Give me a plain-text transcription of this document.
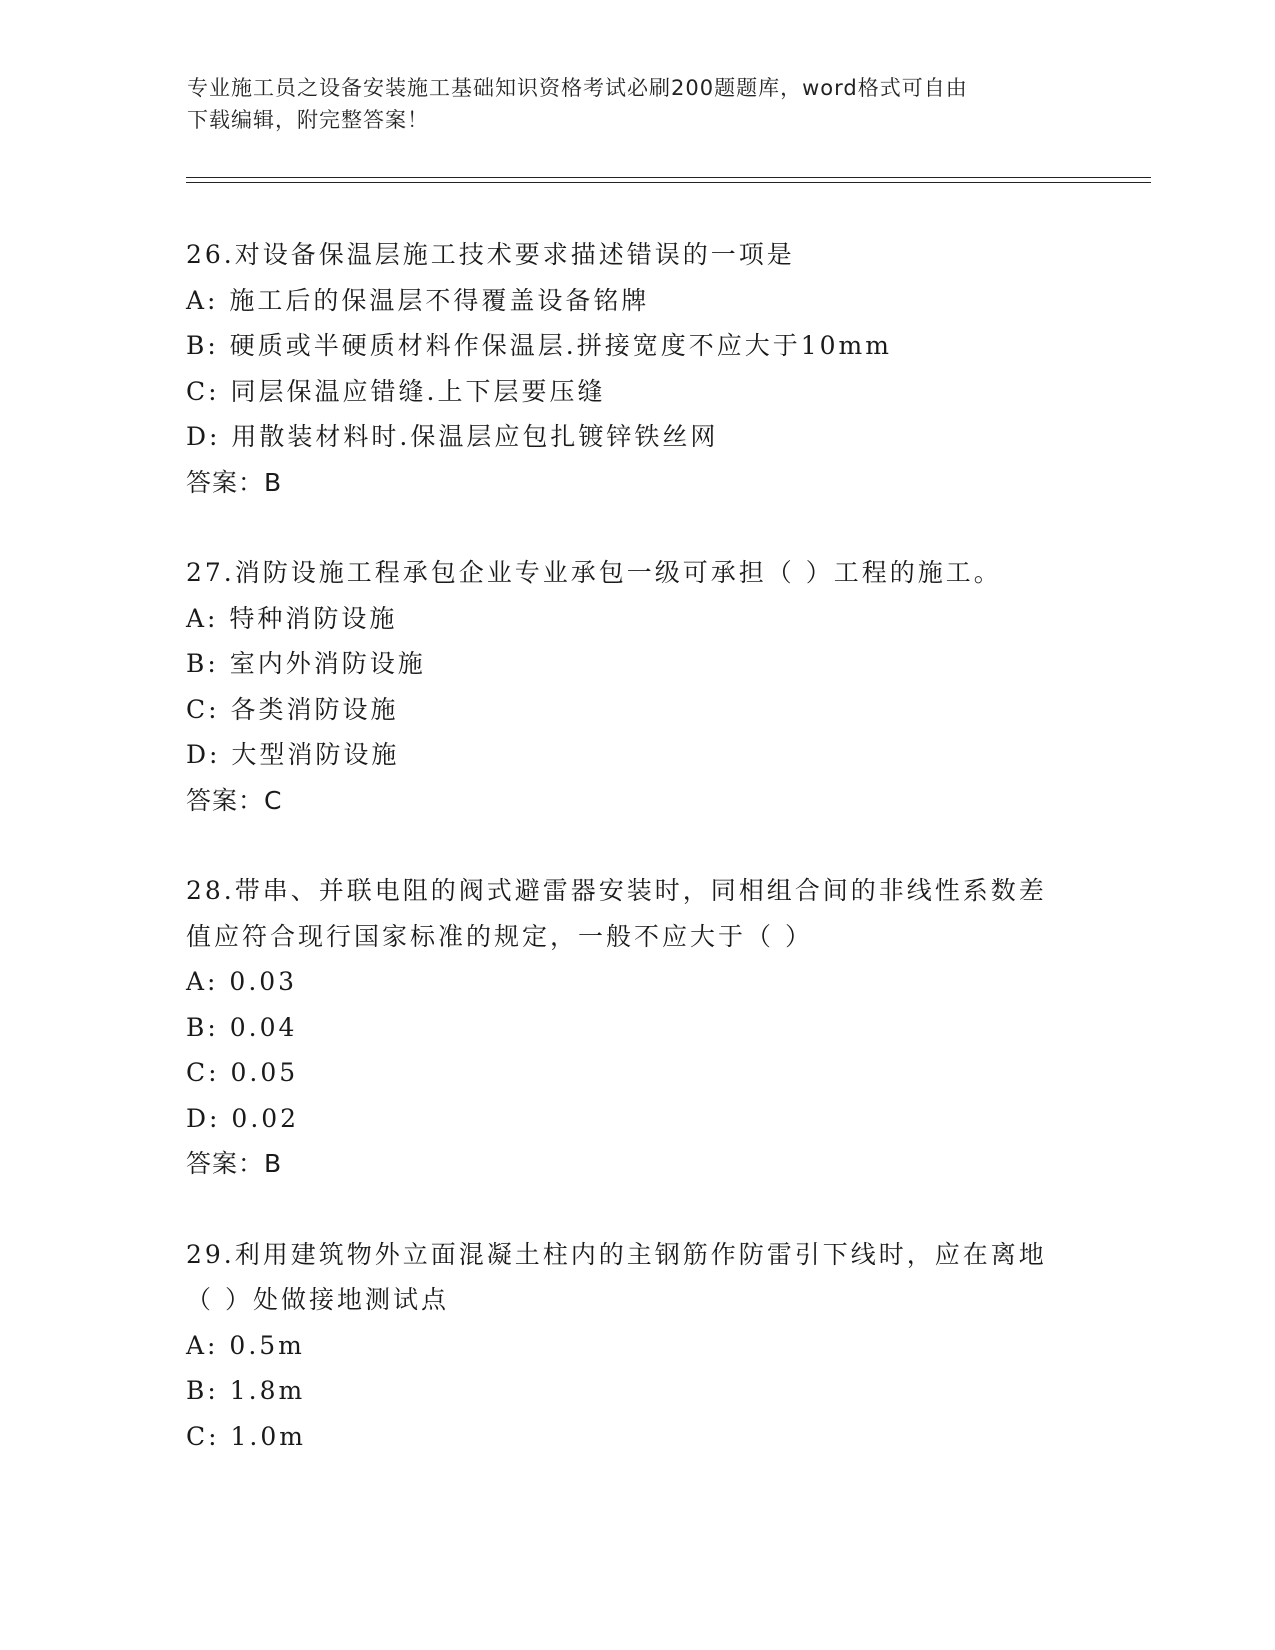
专业施工员之设备安装施工基础知识资格考试必刷200题题库，word格式可自由
下载编辑，附完整答案！
26.对设备保温层施工技术要求描述错误的一项是
A: 施工后的保温层不得覆盖设备铭牌
B: 硬质或半硬质材料作保温层.拼接宽度不应大于10mm
C: 同层保温应错缝.上下层要压缝
D: 用散装材料时.保温层应包扎镀锌铁丝网
答案：B
27.消防设施工程承包企业专业承包一级可承担（ ）工程的施工。
A: 特种消防设施
B: 室内外消防设施
C: 各类消防设施
D: 大型消防设施
答案：C
28.带串、并联电阻的阀式避雷器安装时，同相组合间的非线性系数差
值应符合现行国家标准的规定，一般不应大于（ ）
A: 0.03
B: 0.04
C: 0.05
D: 0.02
答案：B
29.利用建筑物外立面混凝土柱内的主钢筋作防雷引下线时，应在离地
（ ）处做接地测试点
A: 0.5m
B: 1.8m
C: 1.0m
